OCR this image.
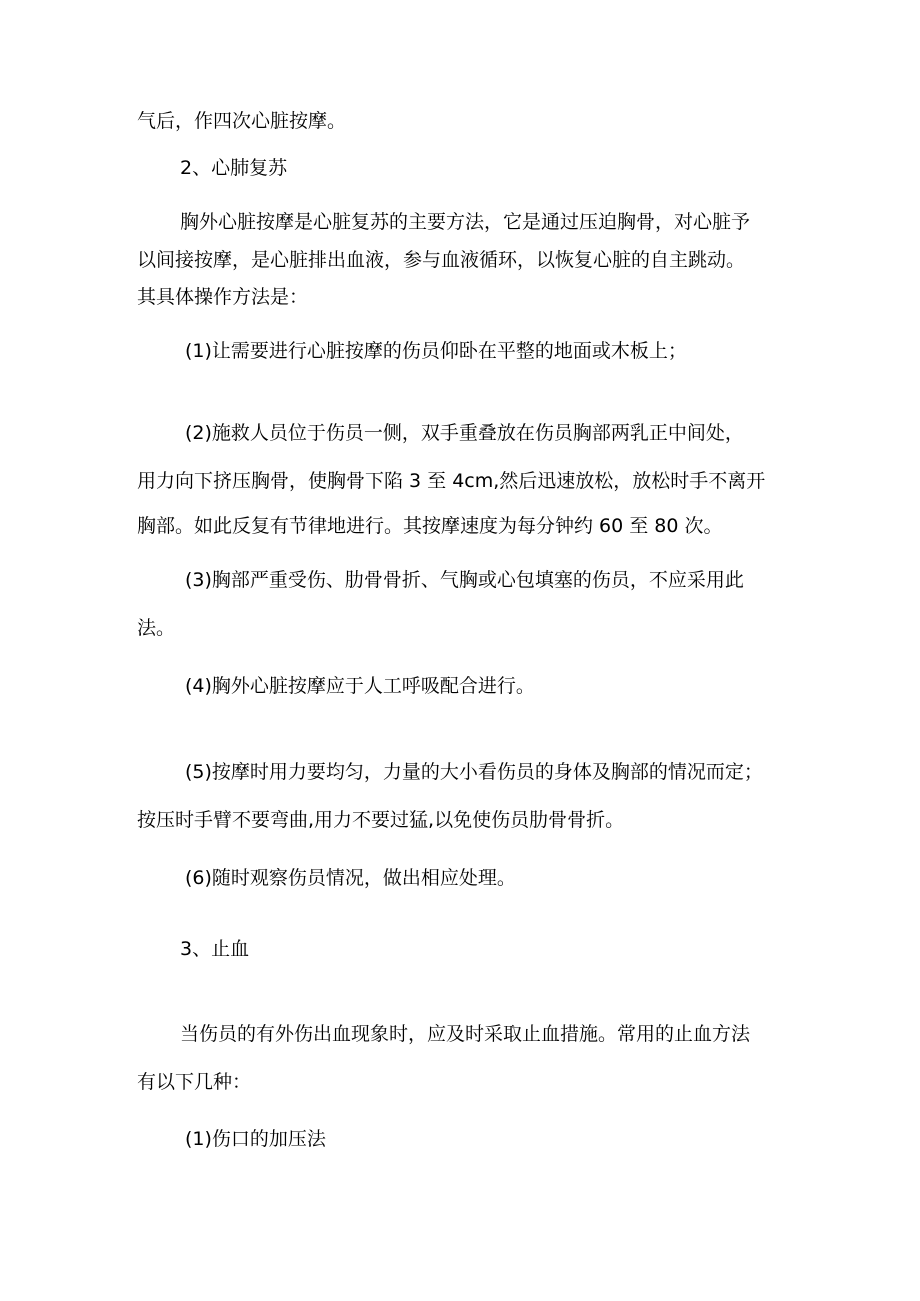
气后，作四次心脏按摩。

2、心肺复苏

胸外心脏按摩是心脏复苏的主要方法，它是通过压迫胸骨，对心脏予

以间接按摩，是心脏排出血液，参与血液循环，以恢复心脏的自主跳动。

其具体操作方法是：

(1)让需要进行心脏按摩的伤员仰卧在平整的地面或木板上；

(2)施救人员位于伤员一侧，双手重叠放在伤员胸部两乳正中间处，

用力向下挤压胸骨，使胸骨下陷 3 至 4cm,然后迅速放松，放松时手不离开

胸部。如此反复有节律地进行。其按摩速度为每分钟约 60 至 80 次。

(3)胸部严重受伤、肋骨骨折、气胸或心包填塞的伤员，不应采用此

法。

(4)胸外心脏按摩应于人工呼吸配合进行。

(5)按摩时用力要均匀，力量的大小看伤员的身体及胸部的情况而定；

按压时手臂不要弯曲,用力不要过猛,以免使伤员肋骨骨折。

(6)随时观察伤员情况，做出相应处理。

3、止血

当伤员的有外伤出血现象时，应及时采取止血措施。常用的止血方法

有以下几种：

(1)伤口的加压法
